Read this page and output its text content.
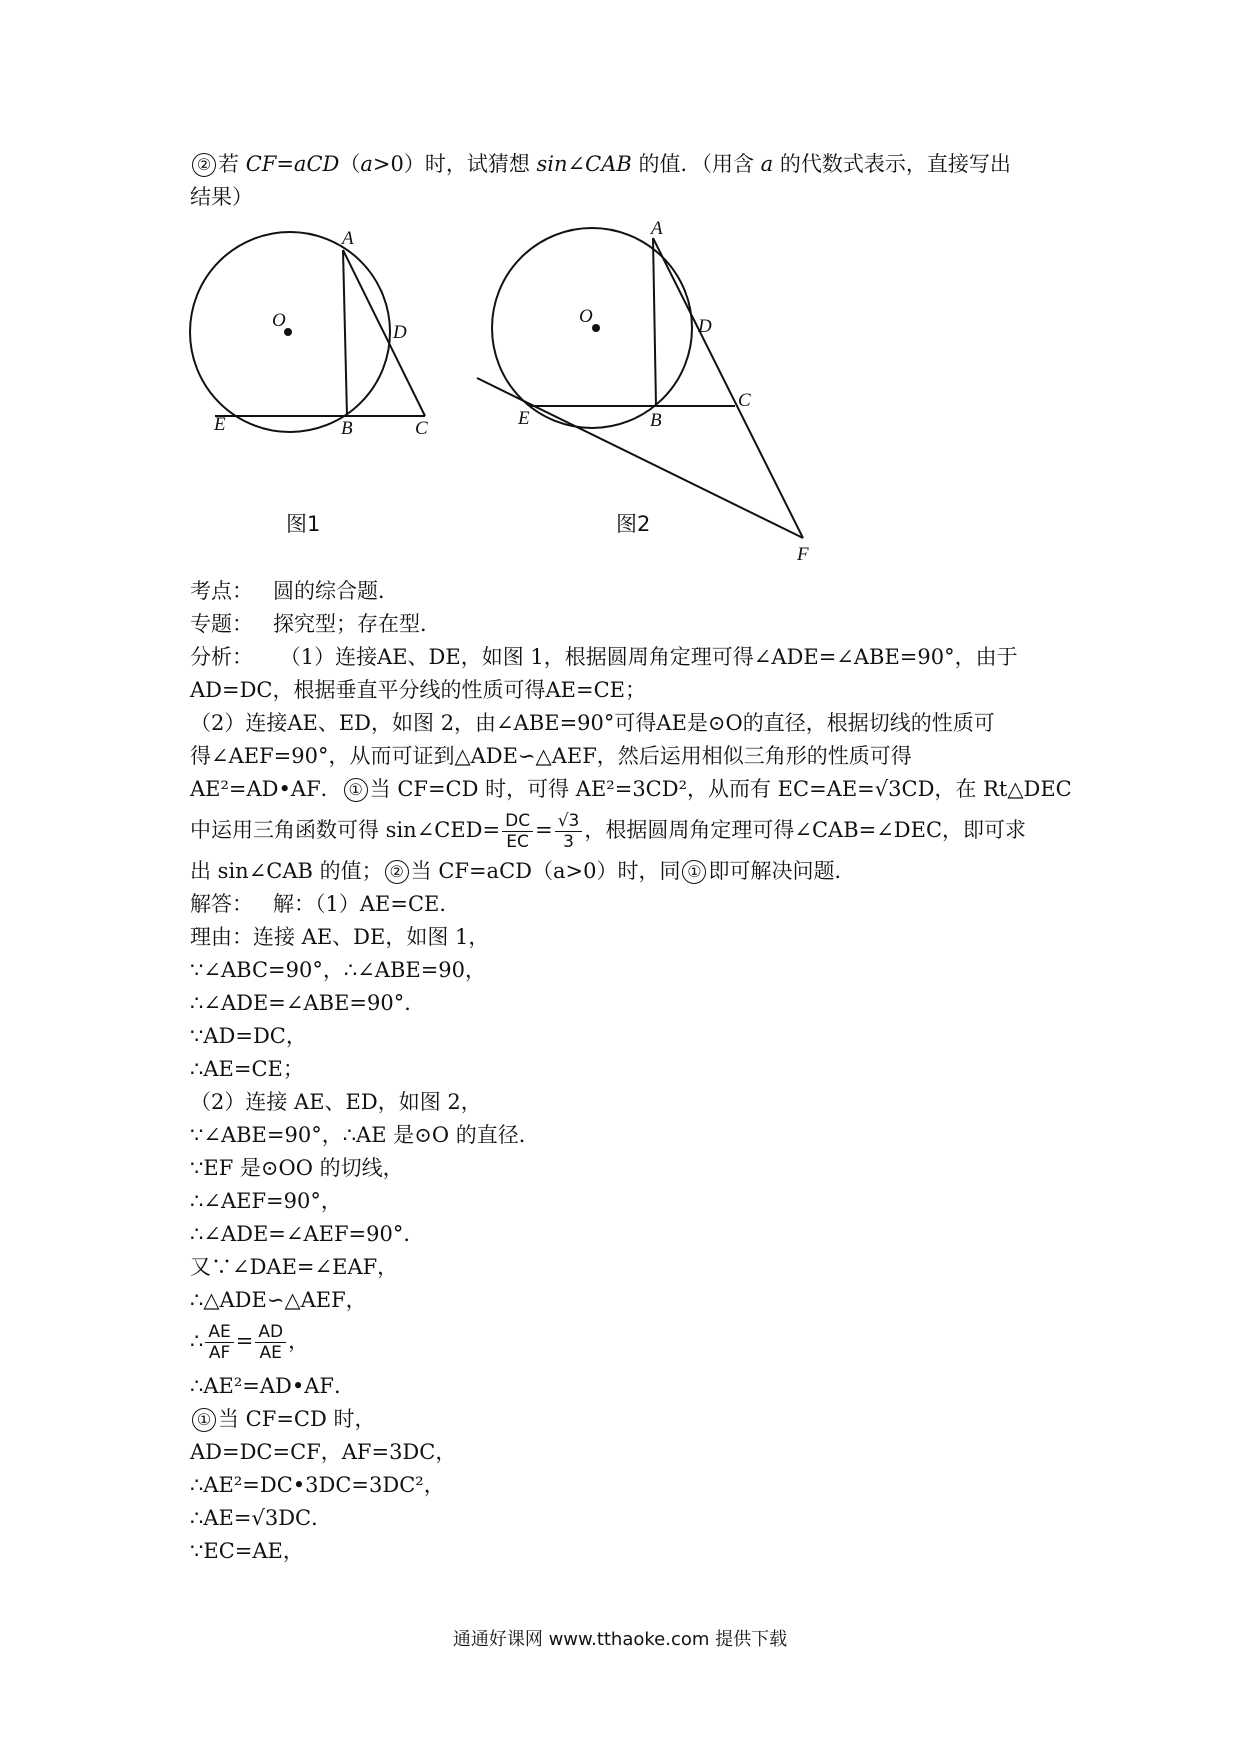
② 若 CF=aCD（a>0）时，试猜想 sin∠CAB 的值．（用含 a 的代数式表示，直接写出
结果）
O
A
D
E	B	C
O
A
D
C
E	B
F
图1	图2
考点： 圆的综合题．
专题： 探究型；存在型．
分析： （1）连接AE、DE，如图 1，根据圆周角定理可得∠ADE=∠ABE=90°，由于
AD=DC，根据垂直平分线的性质可得AE=CE；
（2）连接AE、ED，如图 2，由∠ABE=90°可得AE是⊙O的直径，根据切线的性质可
得∠AEF=90°，从而可证到△ADE∽△AEF，然后运用相似三角形的性质可得
AE²=AD•AF． ① 当 CF=CD 时，可得 AE²=3CD²，从而有 EC=AE=√3CD，在 Rt△DEC
中运用三角函数可得 sin∠CED= $\frac{DC}{EC} = \frac{√3}{3}$ ，根据圆周角定理可得∠CAB=∠DEC，即可求
出 sin∠CAB 的值； ② 当 CF=aCD（a>0）时，同 ① 即可解决问题．
解答： 解：（1）AE=CE．
理由：连接 AE、DE，如图 1，
∵∠ABC=90°，∴∠ABE=90，
∴∠ADE=∠ABE=90°．
∵AD=DC，
∴AE=CE；
（2）连接 AE、ED，如图 2，
∵∠ABE=90°，∴AE 是⊙O 的直径．
∵EF 是⊙OO 的切线，
∴∠AEF=90°，
∴∠ADE=∠AEF=90°．
又∵∠DAE=∠EAF，
∴△ADE∽△AEF，
∴ $\frac{AE}{AF} = \frac{AD}{AE}$ ，
∴AE²=AD•AF．
① 当 CF=CD 时，
AD=DC=CF，AF=3DC，
∴AE²=DC•3DC=3DC²，
∴AE=√3DC．
∵EC=AE，
通通好课网 www.tthaoke.com 提供下载
